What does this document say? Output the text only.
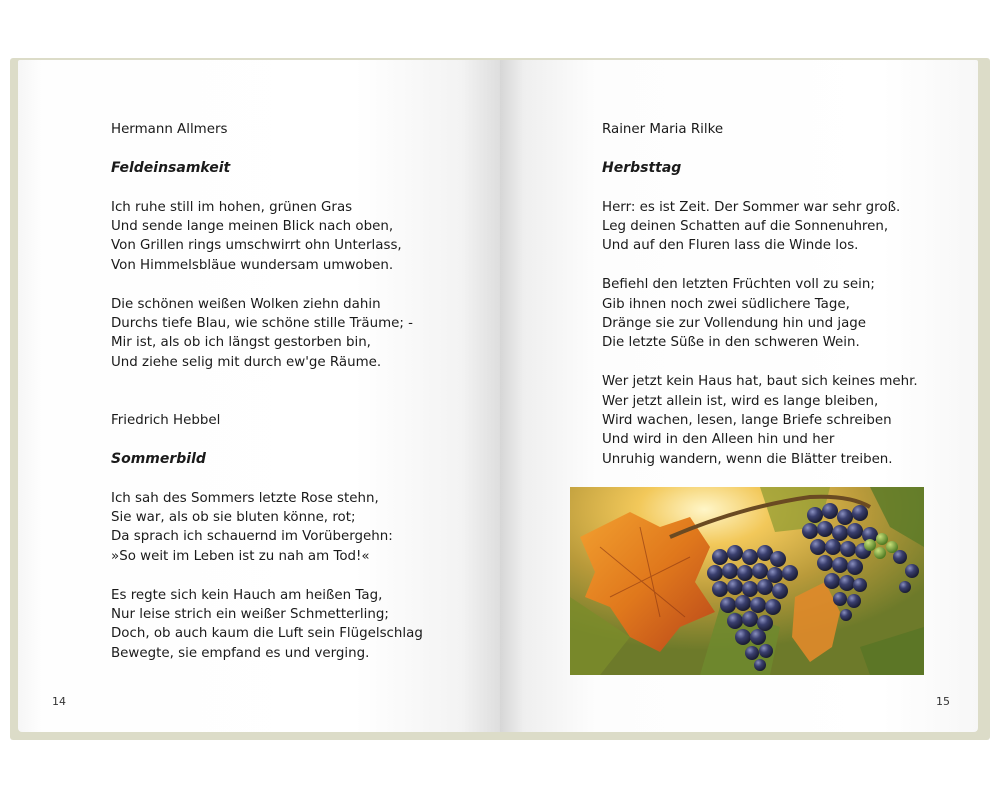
Hermann Allmers

Feldeinsamkeit

Ich ruhe still im hohen, grünen Gras
Und sende lange meinen Blick nach oben,
Von Grillen rings umschwirrt ohn Unterlass,
Von Himmelsbläue wundersam umwoben.
Die schönen weißen Wolken ziehn dahin
Durchs tiefe Blau, wie schöne stille Träume; -
Mir ist, als ob ich längst gestorben bin,
Und ziehe selig mit durch ew'ge Räume.

Friedrich Hebbel

Sommerbild

Ich sah des Sommers letzte Rose stehn,
Sie war, als ob sie bluten könne, rot;
Da sprach ich schauernd im Vorübergehn:
»So weit im Leben ist zu nah am Tod!«
Es regte sich kein Hauch am heißen Tag,
Nur leise strich ein weißer Schmetterling;
Doch, ob auch kaum die Luft sein Flügelschlag
Bewegte, sie empfand es und verging.
14

Rainer Maria Rilke

Herbsttag

Herr: es ist Zeit. Der Sommer war sehr groß.
Leg deinen Schatten auf die Sonnenuhren,
Und auf den Fluren lass die Winde los.
Befiehl den letzten Früchten voll zu sein;
Gib ihnen noch zwei südlichere Tage,
Dränge sie zur Vollendung hin und jage
Die letzte Süße in den schweren Wein.
Wer jetzt kein Haus hat, baut sich keines mehr.
Wer jetzt allein ist, wird es lange bleiben,
Wird wachen, lesen, lange Briefe schreiben
Und wird in den Alleen hin und her
Unruhig wandern, wenn die Blätter treiben.
15
